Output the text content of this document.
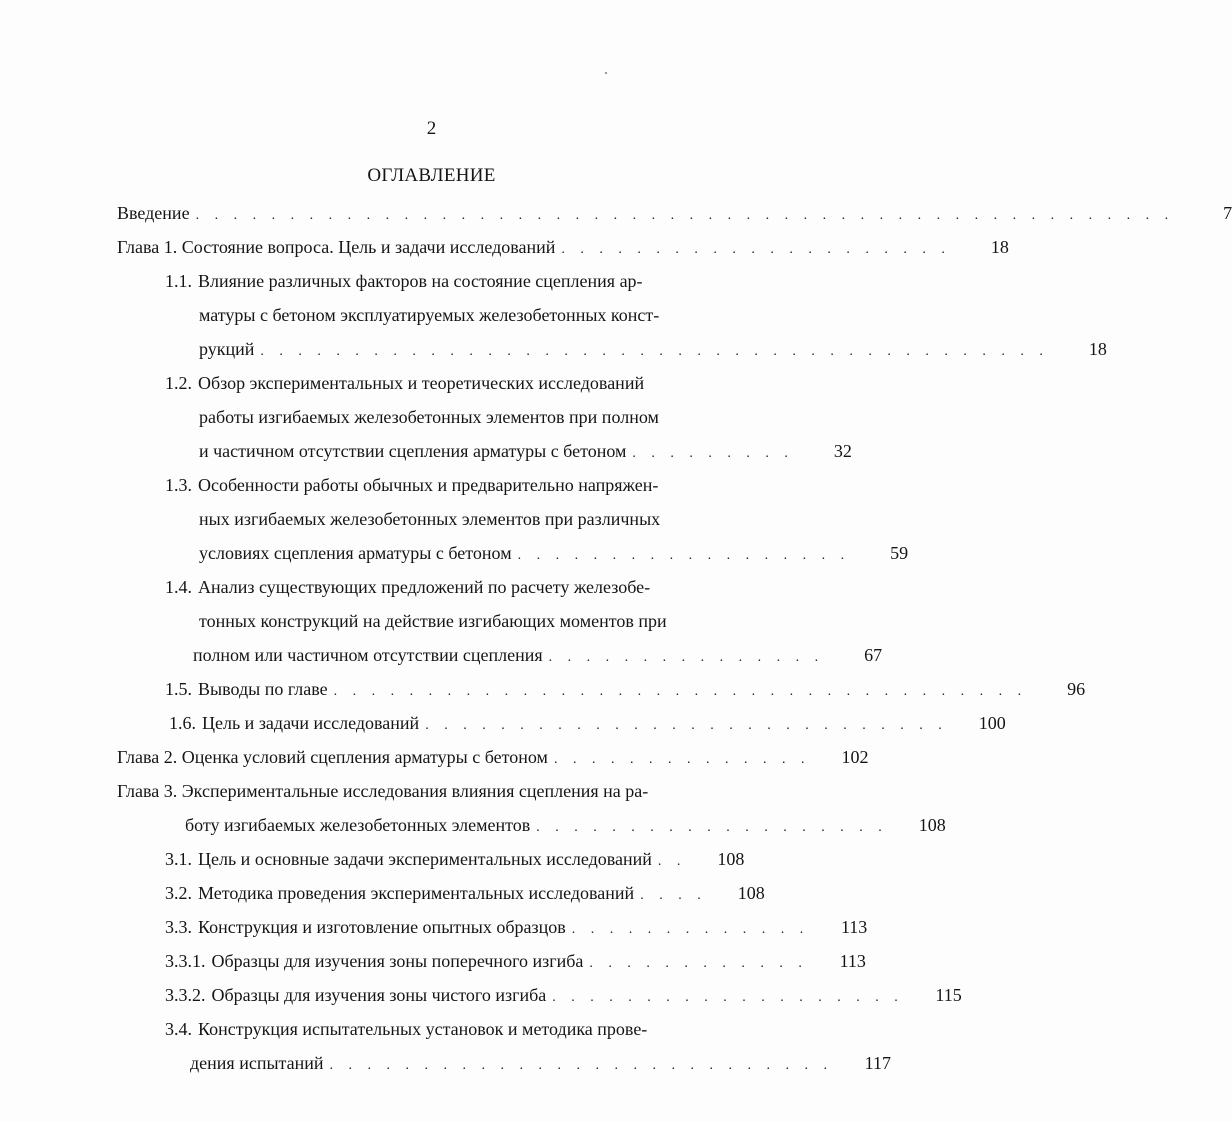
2
ОГЛАВЛЕНИЕ
Введение . . . . . . . . . . . . . . . . . . . . . . . . . . . . . . . . . . . . . . . . . . . . . . . . . . . .	7
Глава 1. Состояние вопроса. Цель и задачи исследований . . . . . . . . . . . . . . . . . . . . .	18
1.1. Влияние различных факторов на состояние сцепления ар-
матуры с бетоном эксплуатируемых железобетонных конст-
рукций . . . . . . . . . . . . . . . . . . . . . . . . . . . . . . . . . . . . . . . . . .	18
1.2. Обзор экспериментальных и теоретических исследований
работы изгибаемых железобетонных элементов при полном
и частичном отсутствии сцепления арматуры с бетоном . . . . . . . . .	32
1.3. Особенности работы обычных и предварительно напряжен-
ных изгибаемых железобетонных элементов при различных
условиях сцепления арматуры с бетоном . . . . . . . . . . . . . . . . . .	59
1.4. Анализ существующих предложений по расчету железобе-
тонных конструкций на действие изгибающих моментов при
полном или частичном отсутствии сцепления . . . . . . . . . . . . . . .	67
1.5. Выводы по главе . . . . . . . . . . . . . . . . . . . . . . . . . . . . . . . . . . . . .	96
1.6. Цель и задачи исследований . . . . . . . . . . . . . . . . . . . . . . . . . . . .	100
Глава 2. Оценка условий сцепления арматуры с бетоном . . . . . . . . . . . . . .	102
Глава 3. Экспериментальные исследования влияния сцепления на ра-
боту изгибаемых железобетонных элементов . . . . . . . . . . . . . . . . . . .	108
3.1. Цель и основные задачи экспериментальных исследований . .	108
3.2. Методика проведения экспериментальных исследований . . . .	108
3.3. Конструкция и изготовление опытных образцов . . . . . . . . . . . . .	113
3.3.1. Образцы для изучения зоны поперечного изгиба . . . . . . . . . . . .	113
3.3.2. Образцы для изучения зоны чистого изгиба . . . . . . . . . . . . . . . . . . .	115
3.4. Конструкция испытательных установок и методика прове-
дения испытаний . . . . . . . . . . . . . . . . . . . . . . . . . . .	117
